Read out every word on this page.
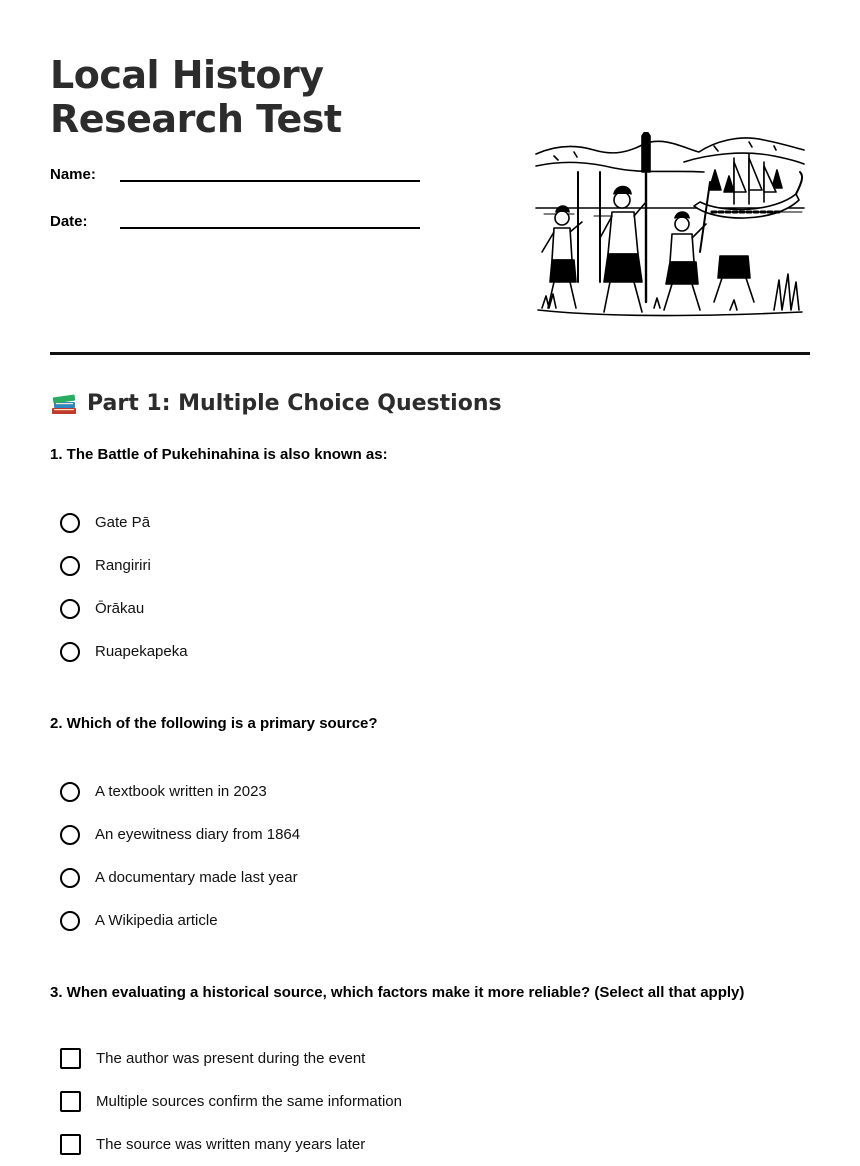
Local History Research Test
Name:
Date:
Part 1: Multiple Choice Questions
1. The Battle of Pukehinahina is also known as:
Gate Pā
Rangiriri
Ōrākau
Ruapekapeka
2. Which of the following is a primary source?
A textbook written in 2023
An eyewitness diary from 1864
A documentary made last year
A Wikipedia article
3. When evaluating a historical source, which factors make it more reliable? (Select all that apply)
The author was present during the event
Multiple sources confirm the same information
The source was written many years later
